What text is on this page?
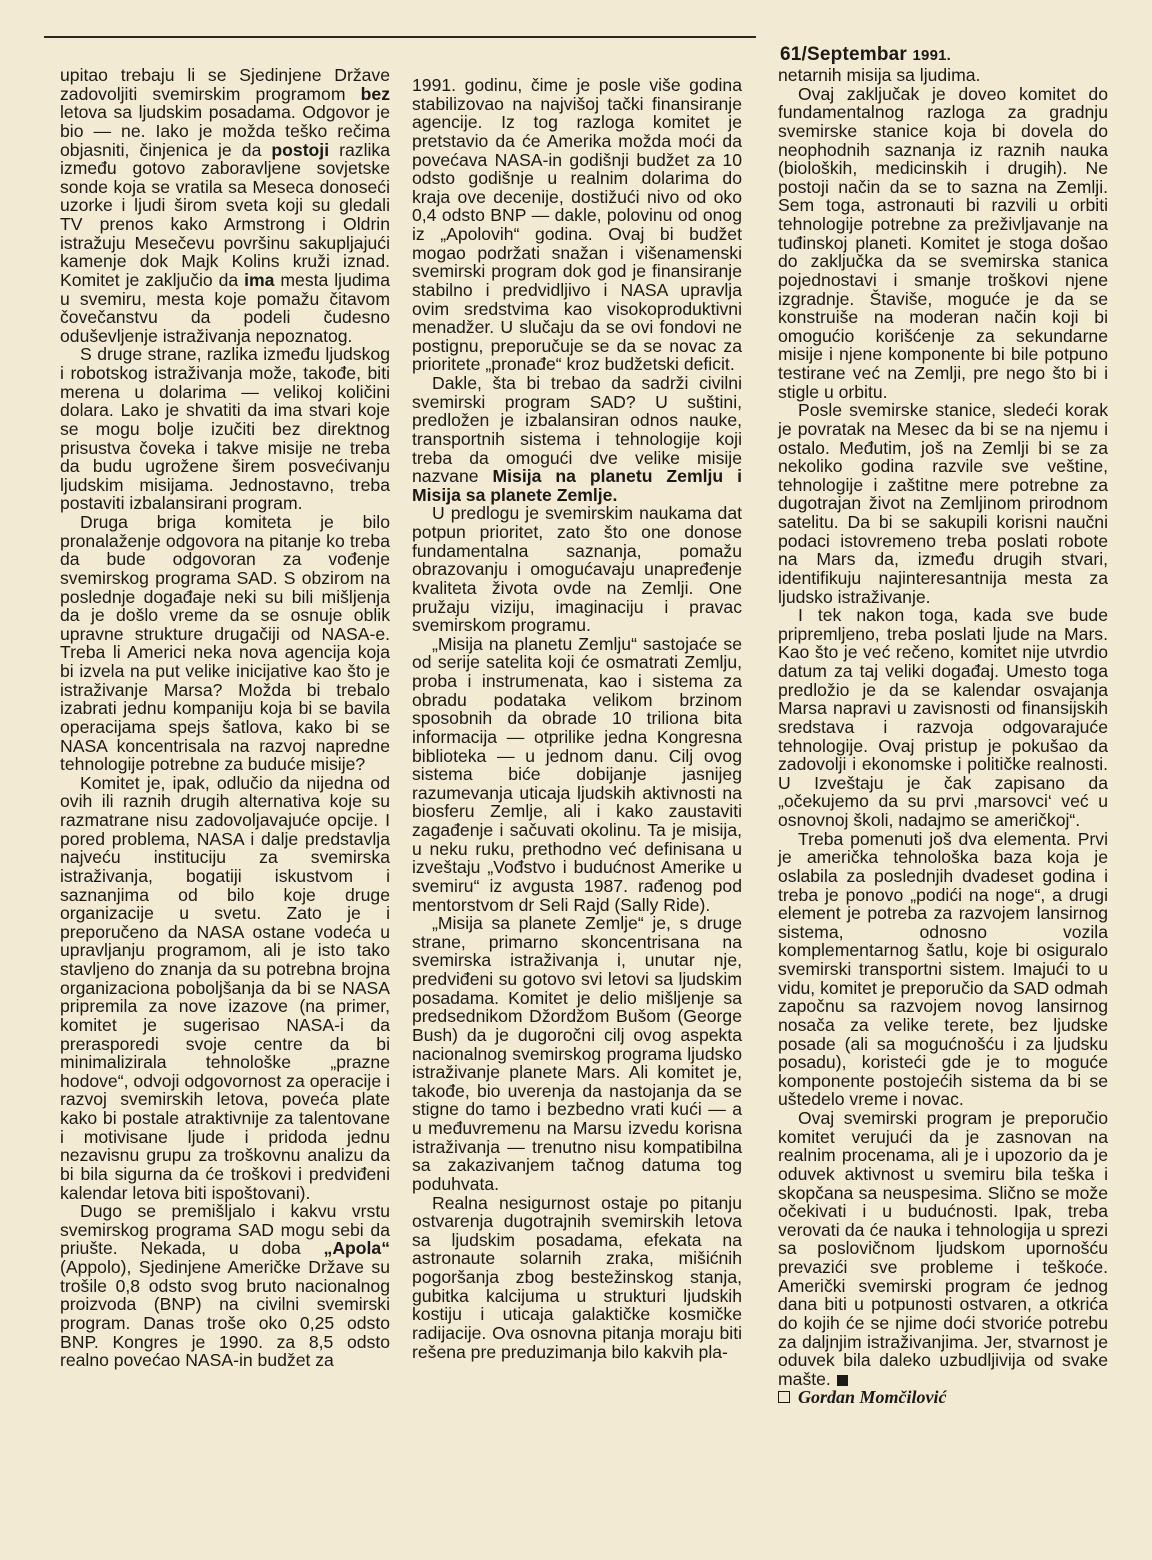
61/Septembar 1991.

upitao trebaju li se Sjedinjene Države zadovoljiti svemirskim programom bez letova sa ljudskim posadama. Odgovor je bio — ne. Iako je možda teško rečima objasniti, činjenica je da postoji razlika između gotovo zaboravljene sovjetske sonde koja se vratila sa Meseca donoseći uzorke i ljudi širom sveta koji su gledali TV prenos kako Armstrong i Oldrin istražuju Mesečevu površinu sakupljajući kamenje dok Majk Kolins kruži iznad. Komitet je zaključio da ima mesta ljudima u svemiru, mesta koje pomažu čitavom čovečanstvu da podeli čudesno oduševljenje istraživanja nepoznatog.

S druge strane, razlika između ljudskog i robotskog istraživanja može, takođe, biti merena u dolarima — velikoj količini dolara. Lako je shvatiti da ima stvari koje se mogu bolje izučiti bez direktnog prisustva čoveka i takve misije ne treba da budu ugrožene širem posvećivanju ljudskim misijama. Jednostavno, treba postaviti izbalansirani program.

Druga briga komiteta je bilo pronalaženje odgovora na pitanje ko treba da bude odgovoran za vođenje svemirskog programa SAD. S obzirom na poslednje događaje neki su bili mišljenja da je došlo vreme da se osnuje oblik upravne strukture drugačiji od NASA-e. Treba li Americi neka nova agencija koja bi izvela na put velike inicijative kao što je istraživanje Marsa? Možda bi trebalo izabrati jednu kompaniju koja bi se bavila operacijama spejs šatlova, kako bi se NASA koncentrisala na razvoj napredne tehnologije potrebne za buduće misije?

Komitet je, ipak, odlučio da nijedna od ovih ili raznih drugih alternativa koje su razmatrane nisu zadovoljavajuće opcije. I pored problema, NASA i dalje predstavlja najveću instituciju za svemirska istraživanja, bogatiji iskustvom i saznanjima od bilo koje druge organizacije u svetu. Zato je i preporučeno da NASA ostane vodeća u upravljanju programom, ali je isto tako stavljeno do znanja da su potrebna brojna organizaciona poboljšanja da bi se NASA pripremila za nove izazove (na primer, komitet je sugerisao NASA-i da prerasporedi svoje centre da bi minimalizirala tehnološke „prazne hodove“, odvoji odgovornost za operacije i razvoj svemirskih letova, poveća plate kako bi postale atraktivnije za talentovane i motivisane ljude i pridoda jednu nezavisnu grupu za troškovnu analizu da bi bila sigurna da će troškovi i predviđeni kalendar letova biti ispoštovani).

Dugo se premišljalo i kakvu vrstu svemirskog programa SAD mogu sebi da priušte. Nekada, u doba „Apola“ (Appolo), Sjedinjene Američke Države su trošile 0,8 odsto svog bruto nacionalnog proizvoda (BNP) na civilni svemirski program. Danas troše oko 0,25 odsto BNP. Kongres je 1990. za 8,5 odsto realno povećao NASA-in budžet za

1991. godinu, čime je posle više godina stabilizovao na najvišoj tački finansiranje agencije. Iz tog razloga komitet je pretstavio da će Amerika možda moći da povećava NASA-in godišnji budžet za 10 odsto godišnje u realnim dolarima do kraja ove decenije, dostižući nivo od oko 0,4 odsto BNP — dakle, polovinu od onog iz „Apolovih“ godina. Ovaj bi budžet mogao podržati snažan i višenamenski svemirski program dok god je finansiranje stabilno i predvidljivo i NASA upravlja ovim sredstvima kao visokoproduktivni menadžer. U slučaju da se ovi fondovi ne postignu, preporučuje se da se novac za prioritete „pronađe“ kroz budžetski deficit.

Dakle, šta bi trebao da sadrži civilni svemirski program SAD? U suštini, predložen je izbalansiran odnos nauke, transportnih sistema i tehnologije koji treba da omogući dve velike misije nazvane Misija na planetu Zemlju i Misija sa planete Zemlje.

U predlogu je svemirskim naukama dat potpun prioritet, zato što one donose fundamentalna saznanja, pomažu obrazovanju i omogućavaju unapređenje kvaliteta života ovde na Zemlji. One pružaju viziju, imaginaciju i pravac svemirskom programu.

„Misija na planetu Zemlju“ sastojaće se od serije satelita koji će osmatrati Zemlju, proba i instrumenata, kao i sistema za obradu podataka velikom brzinom sposobnih da obrade 10 triliona bita informacija — otprilike jedna Kongresna biblioteka — u jednom danu. Cilj ovog sistema biće dobijanje jasnijeg razumevanja uticaja ljudskih aktivnosti na biosferu Zemlje, ali i kako zaustaviti zagađenje i sačuvati okolinu. Ta je misija, u neku ruku, prethodno već definisana u izveštaju „Vođstvo i budućnost Amerike u svemiru“ iz avgusta 1987. rađenog pod mentorstvom dr Seli Rajd (Sally Ride).

„Misija sa planete Zemlje“ je, s druge strane, primarno skoncentrisana na svemirska istraživanja i, unutar nje, predviđeni su gotovo svi letovi sa ljudskim posadama. Komitet je delio mišljenje sa predsednikom Džordžom Bušom (George Bush) da je dugoročni cilj ovog aspekta nacionalnog svemirskog programa ljudsko istraživanje planete Mars. Ali komitet je, takođe, bio uverenja da nastojanja da se stigne do tamo i bezbedno vrati kući — a u međuvremenu na Marsu izvedu korisna istraživanja — trenutno nisu kompatibilna sa zakazivanjem tačnog datuma tog poduhvata.

Realna nesigurnost ostaje po pitanju ostvarenja dugotrajnih svemirskih letova sa ljudskim posadama, efekata na astronaute solarnih zraka, mišićnih pogoršanja zbog bestežinskog stanja, gubitka kalcijuma u strukturi ljudskih kostiju i uticaja galaktičke kosmičke radijacije. Ova osnovna pitanja moraju biti rešena pre preduzimanja bilo kakvih pla-

netarnih misija sa ljudima.

Ovaj zaključak je doveo komitet do fundamentalnog razloga za gradnju svemirske stanice koja bi dovela do neophodnih saznanja iz raznih nauka (bioloških, medicinskih i drugih). Ne postoji način da se to sazna na Zemlji. Sem toga, astronauti bi razvili u orbiti tehnologije potrebne za preživljavanje na tuđinskoj planeti. Komitet je stoga došao do zaključka da se svemirska stanica pojednostavi i smanje troškovi njene izgradnje. Štaviše, moguće je da se konstruiše na moderan način koji bi omogućio korišćenje za sekundarne misije i njene komponente bi bile potpuno testirane već na Zemlji, pre nego što bi i stigle u orbitu.

Posle svemirske stanice, sledeći korak je povratak na Mesec da bi se na njemu i ostalo. Međutim, još na Zemlji bi se za nekoliko godina razvile sve veštine, tehnologije i zaštitne mere potrebne za dugotrajan život na Zemljinom prirodnom satelitu. Da bi se sakupili korisni naučni podaci istovremeno treba poslati robote na Mars da, između drugih stvari, identifikuju najinteresantnija mesta za ljudsko istraživanje.

I tek nakon toga, kada sve bude pripremljeno, treba poslati ljude na Mars. Kao što je već rečeno, komitet nije utvrdio datum za taj veliki događaj. Umesto toga predložio je da se kalendar osvajanja Marsa napravi u zavisnosti od finansijskih sredstava i razvoja odgovarajuće tehnologije. Ovaj pristup je pokušao da zadovolji i ekonomske i političke realnosti. U Izveštaju je čak zapisano da „očekujemo da su prvi ‚marsovci‘ već u osnovnoj školi, nadajmo se američkoj“.

Treba pomenuti još dva elementa. Prvi je američka tehnološka baza koja je oslabila za poslednjih dvadeset godina i treba je ponovo „podići na noge“, a drugi element je potreba za razvojem lansirnog sistema, odnosno vozila komplementarnog šatlu, koje bi osiguralo svemirski transportni sistem. Imajući to u vidu, komitet je preporučio da SAD odmah započnu sa razvojem novog lansirnog nosača za velike terete, bez ljudske posade (ali sa mogućnošću i za ljudsku posadu), koristeći gde je to moguće komponente postojećih sistema da bi se uštedelo vreme i novac.

Ovaj svemirski program je preporučio komitet verujući da je zasnovan na realnim procenama, ali je i upozorio da je oduvek aktivnost u svemiru bila teška i skopčana sa neuspesima. Slično se može očekivati i u budućnosti. Ipak, treba verovati da će nauka i tehnologija u sprezi sa poslovičnom ljudskom upornošću prevazići sve probleme i teškoće. Američki svemirski program će jednog dana biti u potpunosti ostvaren, a otkrića do kojih će se njime doći stvoriće potrebu za daljnjim istraživanjima. Jer, stvarnost je oduvek bila daleko uzbudljivija od svake mašte.

Gordan Momčilović
